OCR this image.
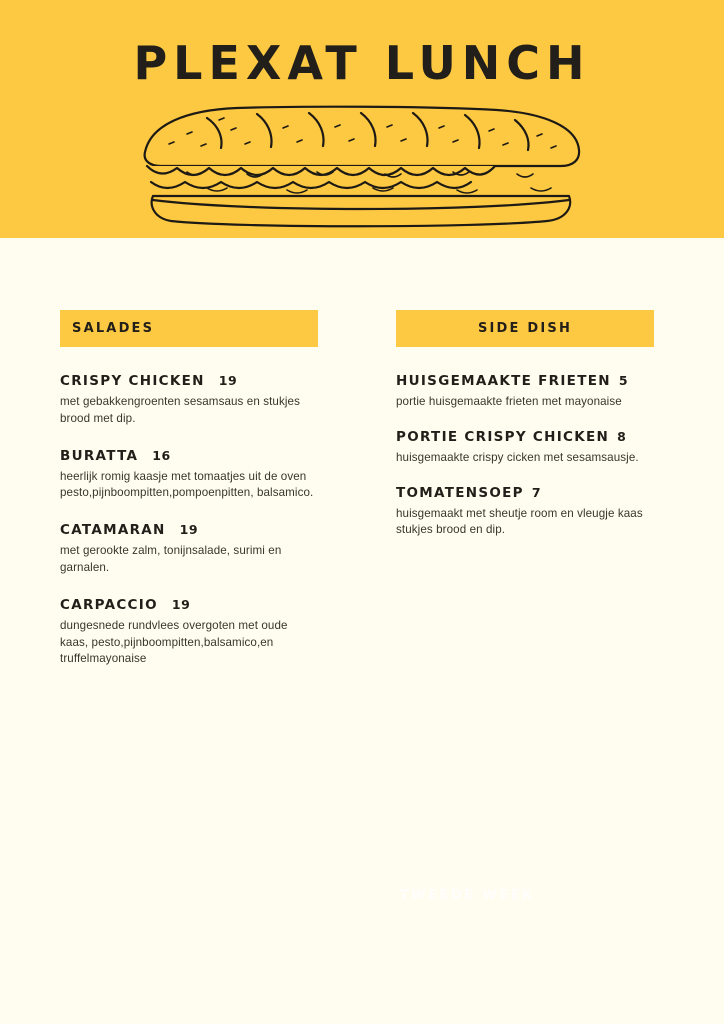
PLEXAT LUNCH
SALADES
CRISPY CHICKEN 19
met gebakkengroenten sesamsaus en stukjes brood met dip.
BURATTA 16
heerlijk romig kaasje met tomaatjes uit de oven pesto,pijnboompitten,pompoenpitten, balsamico.
CATAMARAN 19
met gerookte zalm, tonijnsalade, surimi en garnalen.
CARPACCIO 19
dungesnede rundvlees overgoten met oude kaas, pesto,pijnboompitten,balsamico,en truffelmayonaise
SIDE DISH
HUISGEMAAKTE FRIETEN 5
portie huisgemaakte frieten met mayonaise
PORTIE CRISPY CHICKEN 8
huisgemaakte crispy cicken met sesamsausje.
TOMATENSOEP 7
huisgemaakt met sheutje room en vleugje kaas stukjes brood en dip.
TWEEDE WEEK
